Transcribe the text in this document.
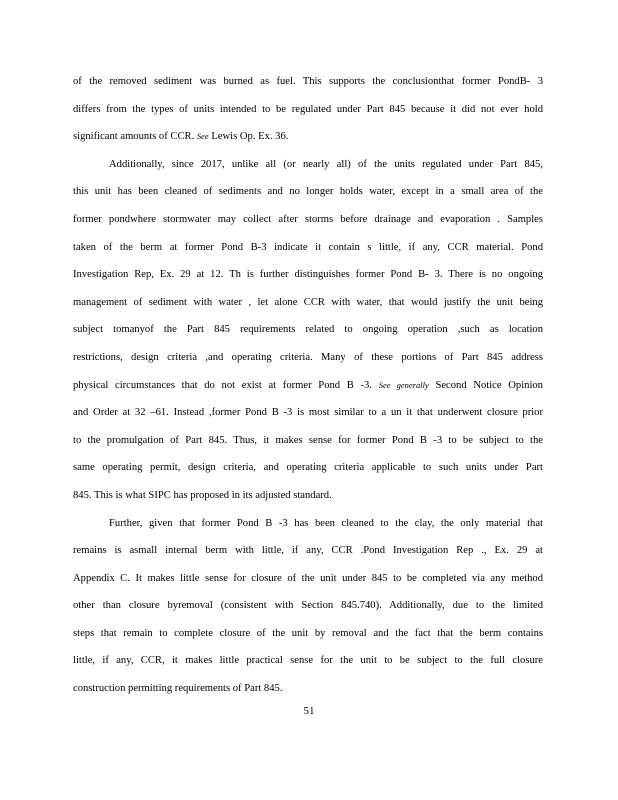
of the removed sediment was burned as fuel. This supports the conclusionthat former PondB- 3
differs from the types of units intended to be regulated under Part 845 because it did not ever hold
significant amounts of CCR. See Lewis Op. Ex. 36.
Additionally, since 2017, unlike all (or nearly all) of the units regulated under Part 845,
this unit has been cleaned of sediments and no longer holds water, except in a small area of the
former pondwhere stormwater may collect after storms before drainage and evaporation . Samples
taken of the berm at former Pond B-3 indicate it contain s little, if any, CCR material. Pond
Investigation Rep, Ex. 29 at 12. Th is further distinguishes former Pond B- 3. There is no ongoing
management of sediment with water , let alone CCR with water, that would justify the unit being
subject tomanyof the Part 845 requirements related to ongoing operation ,such as location
restrictions, design criteria ,and operating criteria. Many of these portions of Part 845 address
physical circumstances that do not exist at former Pond B -3. See generally Second Notice Opinion
and Order at 32 –61. Instead ,former Pond B -3 is most similar to a un it that underwent closure prior
to the promulgation of Part 845. Thus, it makes sense for former Pond B -3 to be subject to the
same operating permit, design criteria, and operating criteria applicable to such units under Part
845. This is what SIPC has proposed in its adjusted standard.
Further, given that former Pond B -3 has been cleaned to the clay, the only material that
remains is asmall internal berm with little, if any, CCR .Pond Investigation Rep ., Ex. 29 at
Appendix C. It makes little sense for closure of the unit under 845 to be completed via any method
other than closure byremoval (consistent with Section 845.740). Additionally, due to the limited
steps that remain to complete closure of the unit by removal and the fact that the berm contains
little, if any, CCR, it makes little practical sense for the unit to be subject to the full closure
construction permitting requirements of Part 845.
51
